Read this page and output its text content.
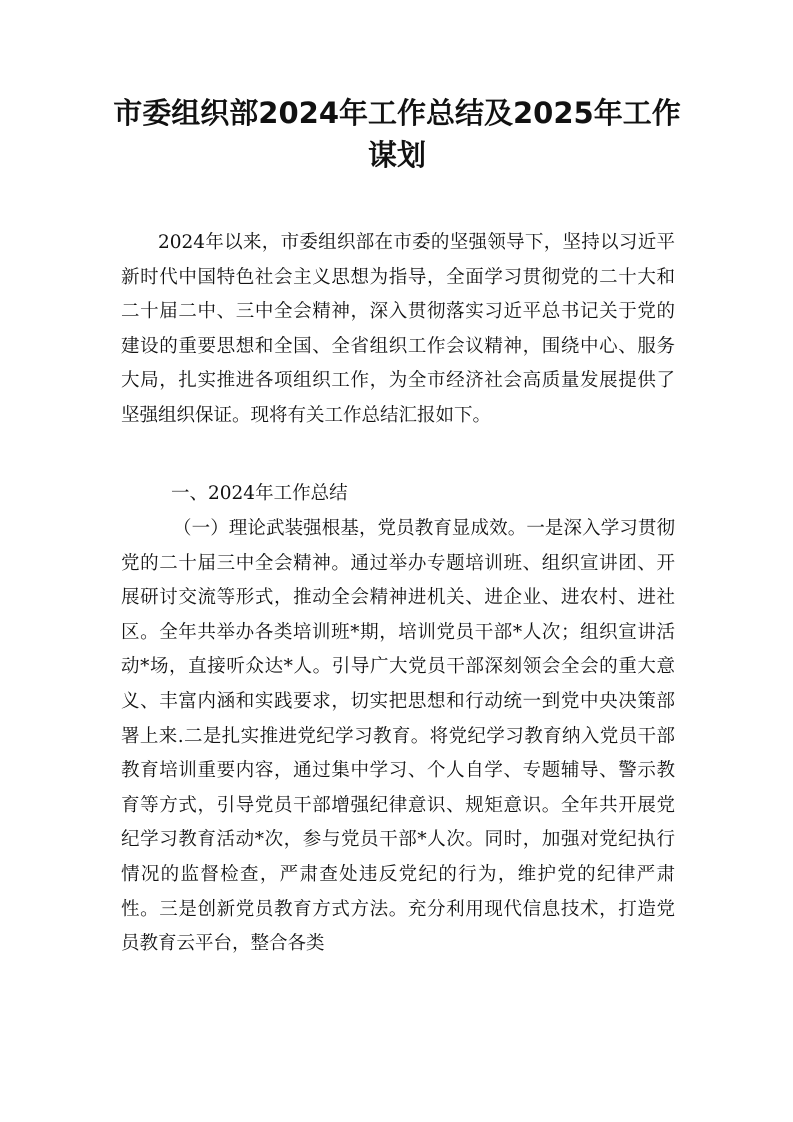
市委组织部2024年工作总结及2025年工作
谋划

2024年以来，市委组织部在市委的坚强领导下，坚持以习近平新时代中国特色社会主义思想为指导，全面学习贯彻党的二十大和二十届二中、三中全会精神，深入贯彻落实习近平总书记关于党的建设的重要思想和全国、全省组织工作会议精神，围绕中心、服务大局，扎实推进各项组织工作，为全市经济社会高质量发展提供了坚强组织保证。现将有关工作总结汇报如下。

一、2024年工作总结

（一）理论武装强根基，党员教育显成效。一是深入学习贯彻党的二十届三中全会精神。通过举办专题培训班、组织宣讲团、开展研讨交流等形式，推动全会精神进机关、进企业、进农村、进社区。全年共举办各类培训班*期，培训党员干部*人次；组织宣讲活动*场，直接听众达*人。引导广大党员干部深刻领会全会的重大意义、丰富内涵和实践要求，切实把思想和行动统一到党中央决策部署上来.二是扎实推进党纪学习教育。将党纪学习教育纳入党员干部教育培训重要内容，通过集中学习、个人自学、专题辅导、警示教育等方式，引导党员干部增强纪律意识、规矩意识。全年共开展党纪学习教育活动*次，参与党员干部*人次。同时，加强对党纪执行情况的监督检查，严肃查处违反党纪的行为，维护党的纪律严肃性。三是创新党员教育方式方法。充分利用现代信息技术，打造党员教育云平台，整合各类
